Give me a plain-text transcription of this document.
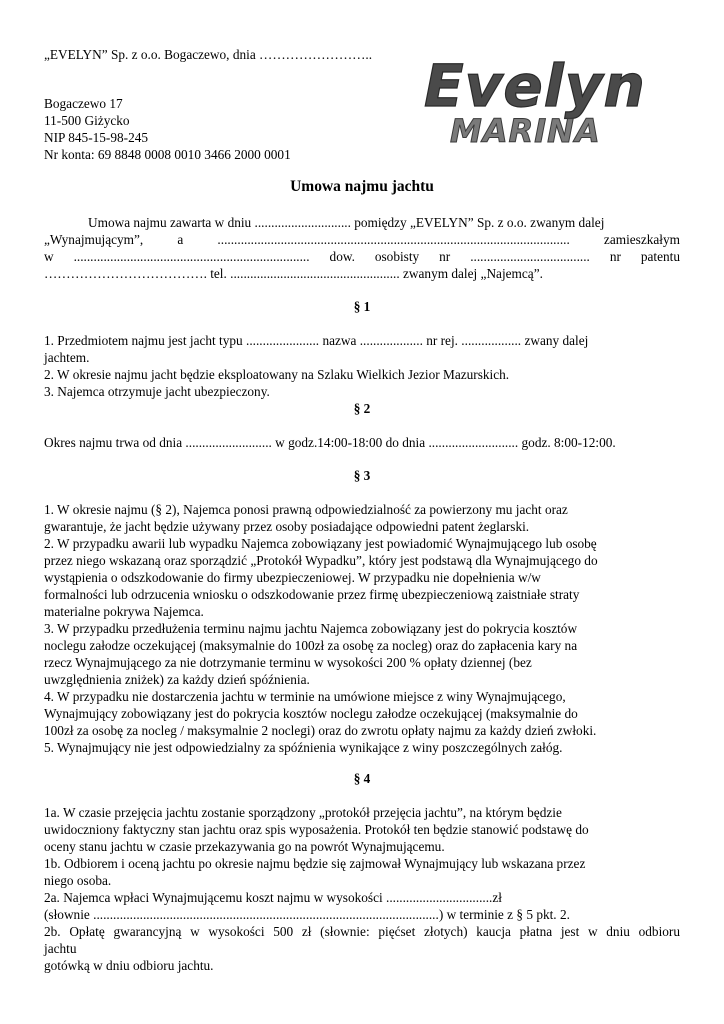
„EVELYN” Sp. z o.o. Bogaczewo, dnia ……………………..
Bogaczewo 17
11-500 Giżycko
NIP 845-15-98-245
Nr konta: 69 8848 0008 0010 3466 2000 0001
Evelyn
MARINA
Umowa najmu jachtu
Umowa najmu zawarta w dniu ............................. pomiędzy „EVELYN” Sp. z o.o. zwanym dalej
„Wynajmującym”, a .......................................................................................................... zamieszkałym
w ....................................................................... dow. osobisty nr .................................... nr patentu
………………………………. tel. ................................................... zwanym dalej „Najemcą”.
§ 1
1. Przedmiotem najmu jest jacht typu ...................... nazwa ................... nr rej. .................. zwany dalej
jachtem.
2. W okresie najmu jacht będzie eksploatowany na Szlaku Wielkich Jezior Mazurskich.
3. Najemca otrzymuje jacht ubezpieczony.
§ 2
Okres najmu trwa od dnia .......................... w godz.14:00-18:00 do dnia ........................... godz. 8:00-12:00.
§ 3
1. W okresie najmu (§ 2), Najemca ponosi prawną odpowiedzialność za powierzony mu jacht oraz
gwarantuje, że jacht będzie używany przez osoby posiadające odpowiedni patent żeglarski.
2. W przypadku awarii lub wypadku Najemca zobowiązany jest powiadomić Wynajmującego lub osobę
przez niego wskazaną oraz sporządzić „Protokół Wypadku”, który jest podstawą dla Wynajmującego do
wystąpienia o odszkodowanie do firmy ubezpieczeniowej. W przypadku nie dopełnienia w/w
formalności lub odrzucenia wniosku o odszkodowanie przez firmę ubezpieczeniową zaistniałe straty
materialne pokrywa Najemca.
3. W przypadku przedłużenia terminu najmu jachtu Najemca zobowiązany jest do pokrycia kosztów
noclegu załodze oczekującej (maksymalnie do 100zł za osobę za nocleg) oraz do zapłacenia kary na
rzecz Wynajmującego za nie dotrzymanie terminu w wysokości 200 % opłaty dziennej (bez
uwzględnienia zniżek) za każdy dzień spóźnienia.
4. W przypadku nie dostarczenia jachtu w terminie na umówione miejsce z winy Wynajmującego,
Wynajmujący zobowiązany jest do pokrycia kosztów noclegu załodze oczekującej (maksymalnie do
100zł za osobę za nocleg / maksymalnie 2 noclegi) oraz do zwrotu opłaty najmu za każdy dzień zwłoki.
5. Wynajmujący nie jest odpowiedzialny za spóźnienia wynikające z winy poszczególnych załóg.
§ 4
1a. W czasie przejęcia jachtu zostanie sporządzony „protokół przejęcia jachtu”, na którym będzie
uwidoczniony faktyczny stan jachtu oraz spis wyposażenia. Protokół ten będzie stanowić podstawę do
oceny stanu jachtu w czasie przekazywania go na powrót Wynajmującemu.
1b. Odbiorem i oceną jachtu po okresie najmu będzie się zajmował Wynajmujący lub wskazana przez
niego osoba.
2a. Najemca wpłaci Wynajmującemu koszt najmu w wysokości ................................zł
(słownie ........................................................................................................) w terminie z § 5 pkt. 2.
2b. Opłatę gwarancyjną w wysokości 500 zł (słownie: pięćset złotych) kaucja płatna jest w dniu odbioru
jachtu
gotówką w dniu odbioru jachtu.
